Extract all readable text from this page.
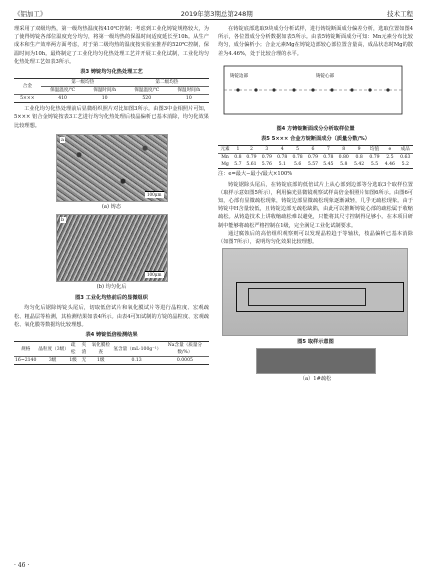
《铝加工》	2019年第3期总第248期	技术工程

理采用了双级均热，第一级均热温度按410℃控制；考虑到工业化铸锭规格较大，为了使得铸锭各部位温度充分均匀，将第一级均热的保温时间适度延长至10h。从生产成本和生产效率两方面考虑，对于第二级均热的温度按实验室推荐的520℃控制，保温时间为10h。最终制定了工业化均匀化热处理工艺并开展工业化试制，工业化均匀化热处理工艺如表3所示。

表3 铸锭均匀化热处理工艺
合金	第一级均热		第二级均热	
	保温温度/℃	保温时间/h	保温温度/℃	保温时间/h
5×××	410	10	520	10

工业化均匀化热处理前后显微组织照片对比如图3所示。由图3中金相照片可知，5××× 铝合金铸锭按表3工艺进行均匀化热处理后枝晶偏析已基本消除，均匀化效果比较理想。

a
100μm
(a) 铸态
b
100μm
(b) 均匀化后
图3 工业化均热前后的显微组织

均匀化后锯除铸锭头尾后，切取低倍试片和氧化膜试片等进行晶粒度、宏观疏松、粗晶层等检测，其检测结果如表4所示。由表4可知试制的方锭的晶粒度、宏观疏松、氧化膜等数据均比较理想。

表4 铸锭低倍检测结果
规格	晶粒度（3级）	疏松	夹渣	氧化膜检查	氢含量（mL·100g⁻¹）	Na含量（质量分数/%）
16~2140	3级	1级	无	1级	0.13	0.0005

在铸锭底部选取9块成分分析试样，进行铸锭断面成分偏差分析，选取位置如图4所示，各位置成分分析数据如表5所示。由表5铸锭断面成分可知：Mn元素分布比较均匀，成分偏析小；合金元素Mg在铸锭边部较心部位置含量高，成品状态时Mg的散差为4.46%，处于比较合理的水平。

铸锭边部	铸锭心部
图4 方铸锭断面成分分析取样位置
表5 5××× 合金方锭断面成分（质量分数/%）
元素	1	2	3	4	5	6	7	8	9	均值	e	成品
Mn	0.8	0.79	0.79	0.78	0.78	0.79	0.78	0.80	0.8	0.79	2.5	0.63
Mg	5.7	5.61	5.76	5.1	5.6	5.57	5.45	5.8	5.42	5.5	4.46	5.2

注：e=最大−最小/最大×100%

铸锭锯除头尾后，在铸锭底部的低倍试片上从心部到边部等分选取3个取样位置（取样示意如图5所示），利用偏光显微镜观察试样高倍金相照片如图6所示。由图6可知，心部有显微疏松现象，铸锭边部显微疏松现象逐渐减轻，几乎无疏松现象。由于铸锭中H含量较低，且铸锭边部无疏松缺陷，由此可以推断铸锭心部的疏松属于收缩疏松。从铸造技术上讲收缩疏松难以避免，只能将其尺寸控制得足够小。在本项目研制中能够将疏松严格控制在1级，完全满足工业化试制要求。

通过腐蚀后的高倍组织观察则可以发现晶粒趋于等轴状，枝晶偏析已基本消除（如图7所示），说明均匀化效果比较理想。

图5 取样示意图
（a）1#疏松
· 46 ·
